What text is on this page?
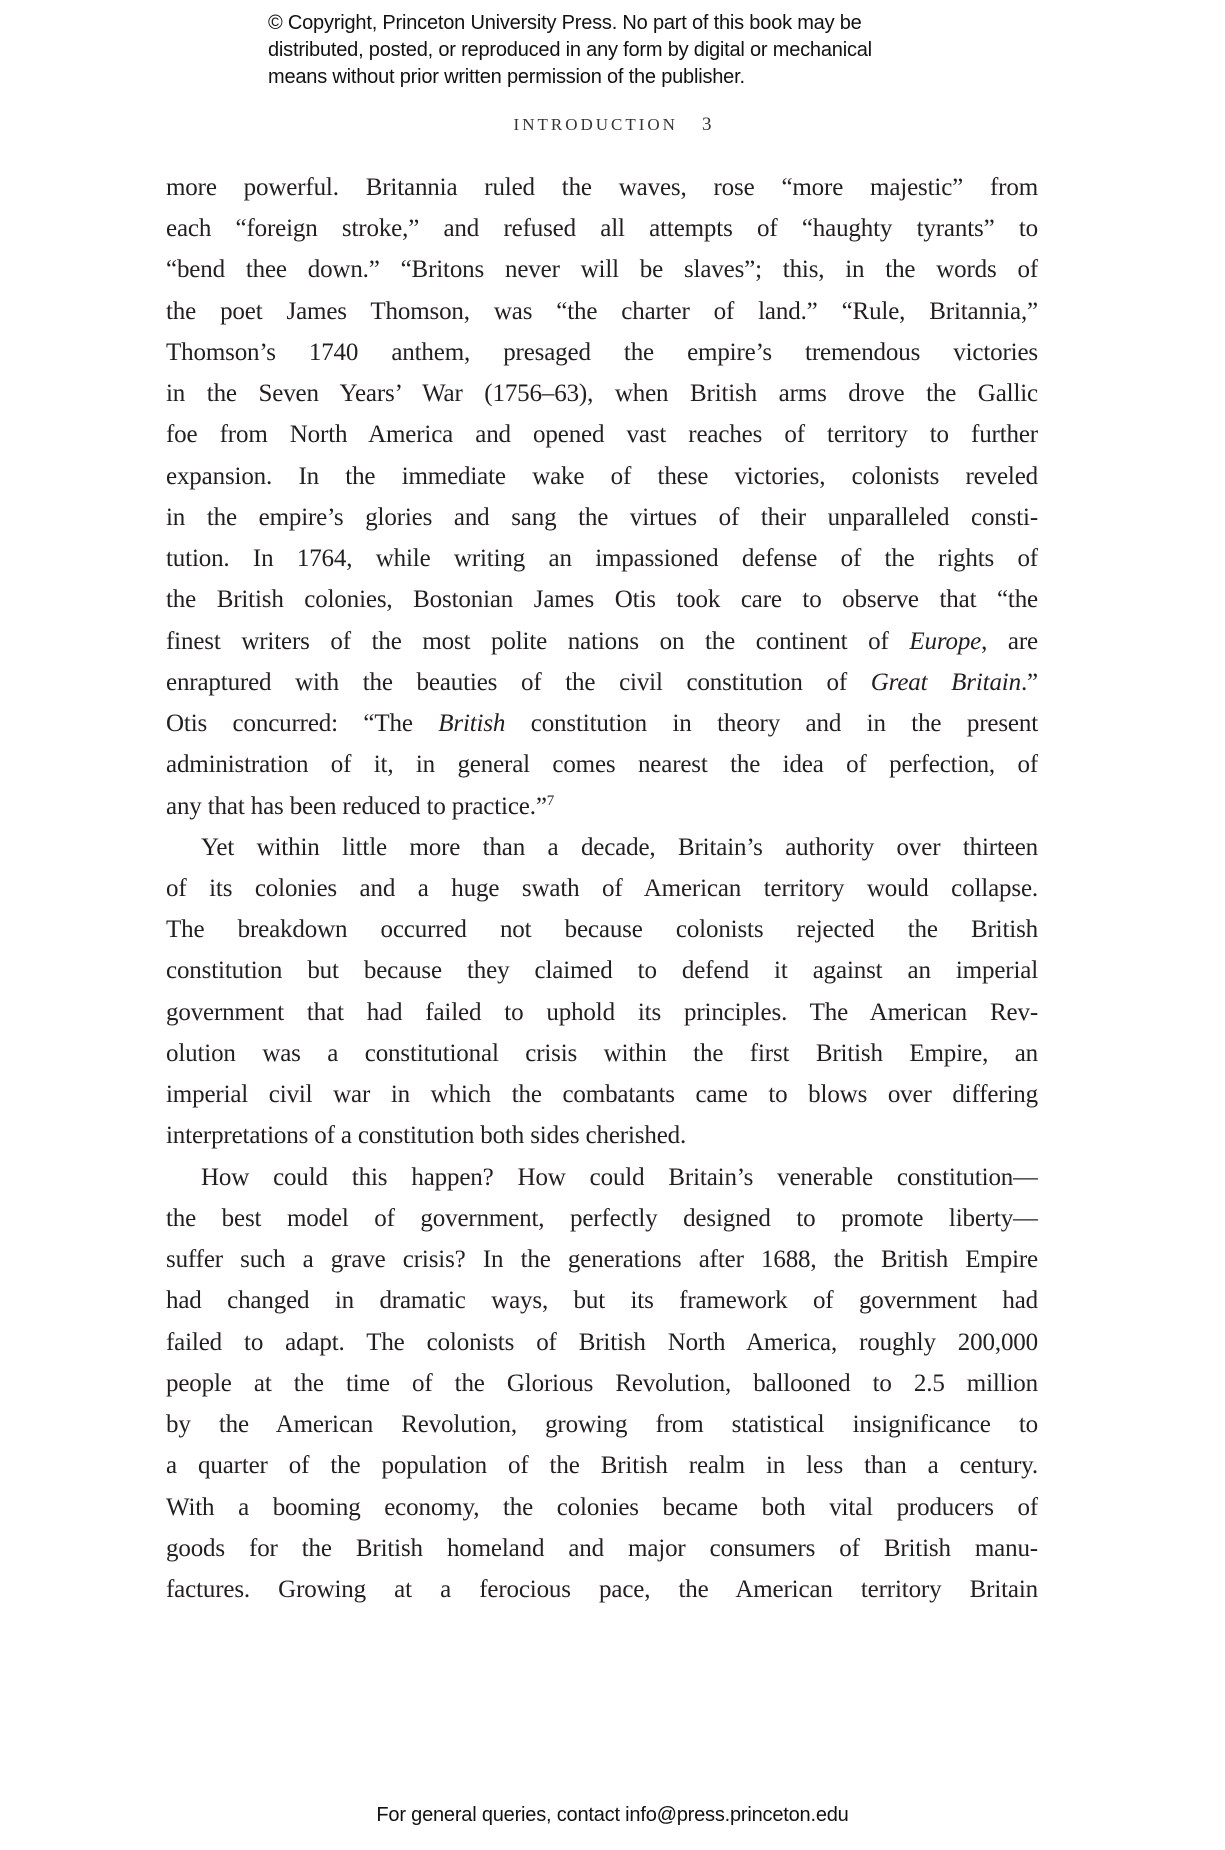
© Copyright, Princeton University Press. No part of this book may be
distributed, posted, or reproduced in any form by digital or mechanical
means without prior written permission of the publisher.
INTRODUCTION 3
more powerful. Britannia ruled the waves, rose “more majestic” from
each “foreign stroke,” and refused all attempts of “haughty tyrants” to
“bend thee down.” “Britons never will be slaves”; this, in the words of
the poet James Thomson, was “the charter of land.” “Rule, Britannia,”
Thomson’s 1740 anthem, presaged the empire’s tremendous victories
in the Seven Years’ War (1756–63), when British arms drove the Gallic
foe from North America and opened vast reaches of territory to further
expansion. In the immediate wake of these victories, colonists reveled
in the empire’s glories and sang the virtues of their unparalleled consti-
tution. In 1764, while writing an impassioned defense of the rights of
the British colonies, Bostonian James Otis took care to observe that “the
finest writers of the most polite nations on the continent of Europe, are
enraptured with the beauties of the civil constitution of Great Britain.”
Otis concurred: “The British constitution in theory and in the present
administration of it, in general comes nearest the idea of perfection, of
any that has been reduced to practice.”$^7$
Yet within little more than a decade, Britain’s authority over thirteen
of its colonies and a huge swath of American territory would collapse.
The breakdown occurred not because colonists rejected the British
constitution but because they claimed to defend it against an imperial
government that had failed to uphold its principles. The American Rev-
olution was a constitutional crisis within the first British Empire, an
imperial civil war in which the combatants came to blows over differing
interpretations of a constitution both sides cherished.
How could this happen? How could Britain’s venerable constitution—
the best model of government, perfectly designed to promote liberty—
suffer such a grave crisis? In the generations after 1688, the British Empire
had changed in dramatic ways, but its framework of government had
failed to adapt. The colonists of British North America, roughly 200,000
people at the time of the Glorious Revolution, ballooned to 2.5 million
by the American Revolution, growing from statistical insignificance to
a quarter of the population of the British realm in less than a century.
With a booming economy, the colonies became both vital producers of
goods for the British homeland and major consumers of British manu-
factures. Growing at a ferocious pace, the American territory Britain
For general queries, contact info@press.princeton.edu
